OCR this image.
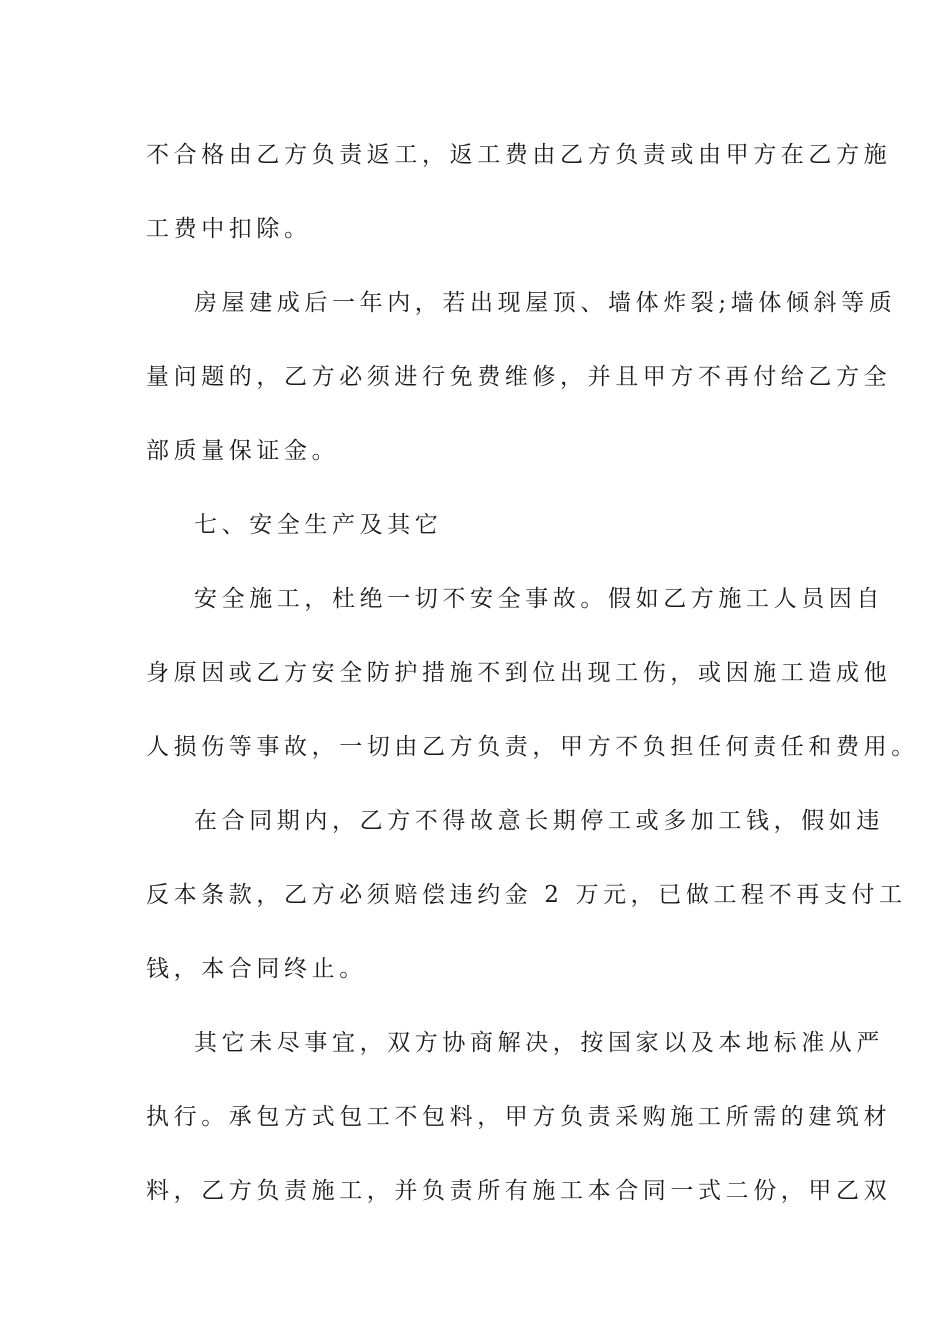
不合格由乙方负责返工，返工费由乙方负责或由甲方在乙方施
工费中扣除。
房屋建成后一年内，若出现屋顶、墙体炸裂;墙体倾斜等质
量问题的，乙方必须进行免费维修，并且甲方不再付给乙方全
部质量保证金。
七、安全生产及其它
安全施工，杜绝一切不安全事故。假如乙方施工人员因自
身原因或乙方安全防护措施不到位出现工伤，或因施工造成他
人损伤等事故，一切由乙方负责，甲方不负担任何责任和费用。
在合同期内，乙方不得故意长期停工或多加工钱，假如违
反本条款，乙方必须赔偿违约金 2 万元，已做工程不再支付工
钱，本合同终止。
其它未尽事宜，双方协商解决，按国家以及本地标准从严
执行。承包方式包工不包料，甲方负责采购施工所需的建筑材
料，乙方负责施工，并负责所有施工本合同一式二份，甲乙双
